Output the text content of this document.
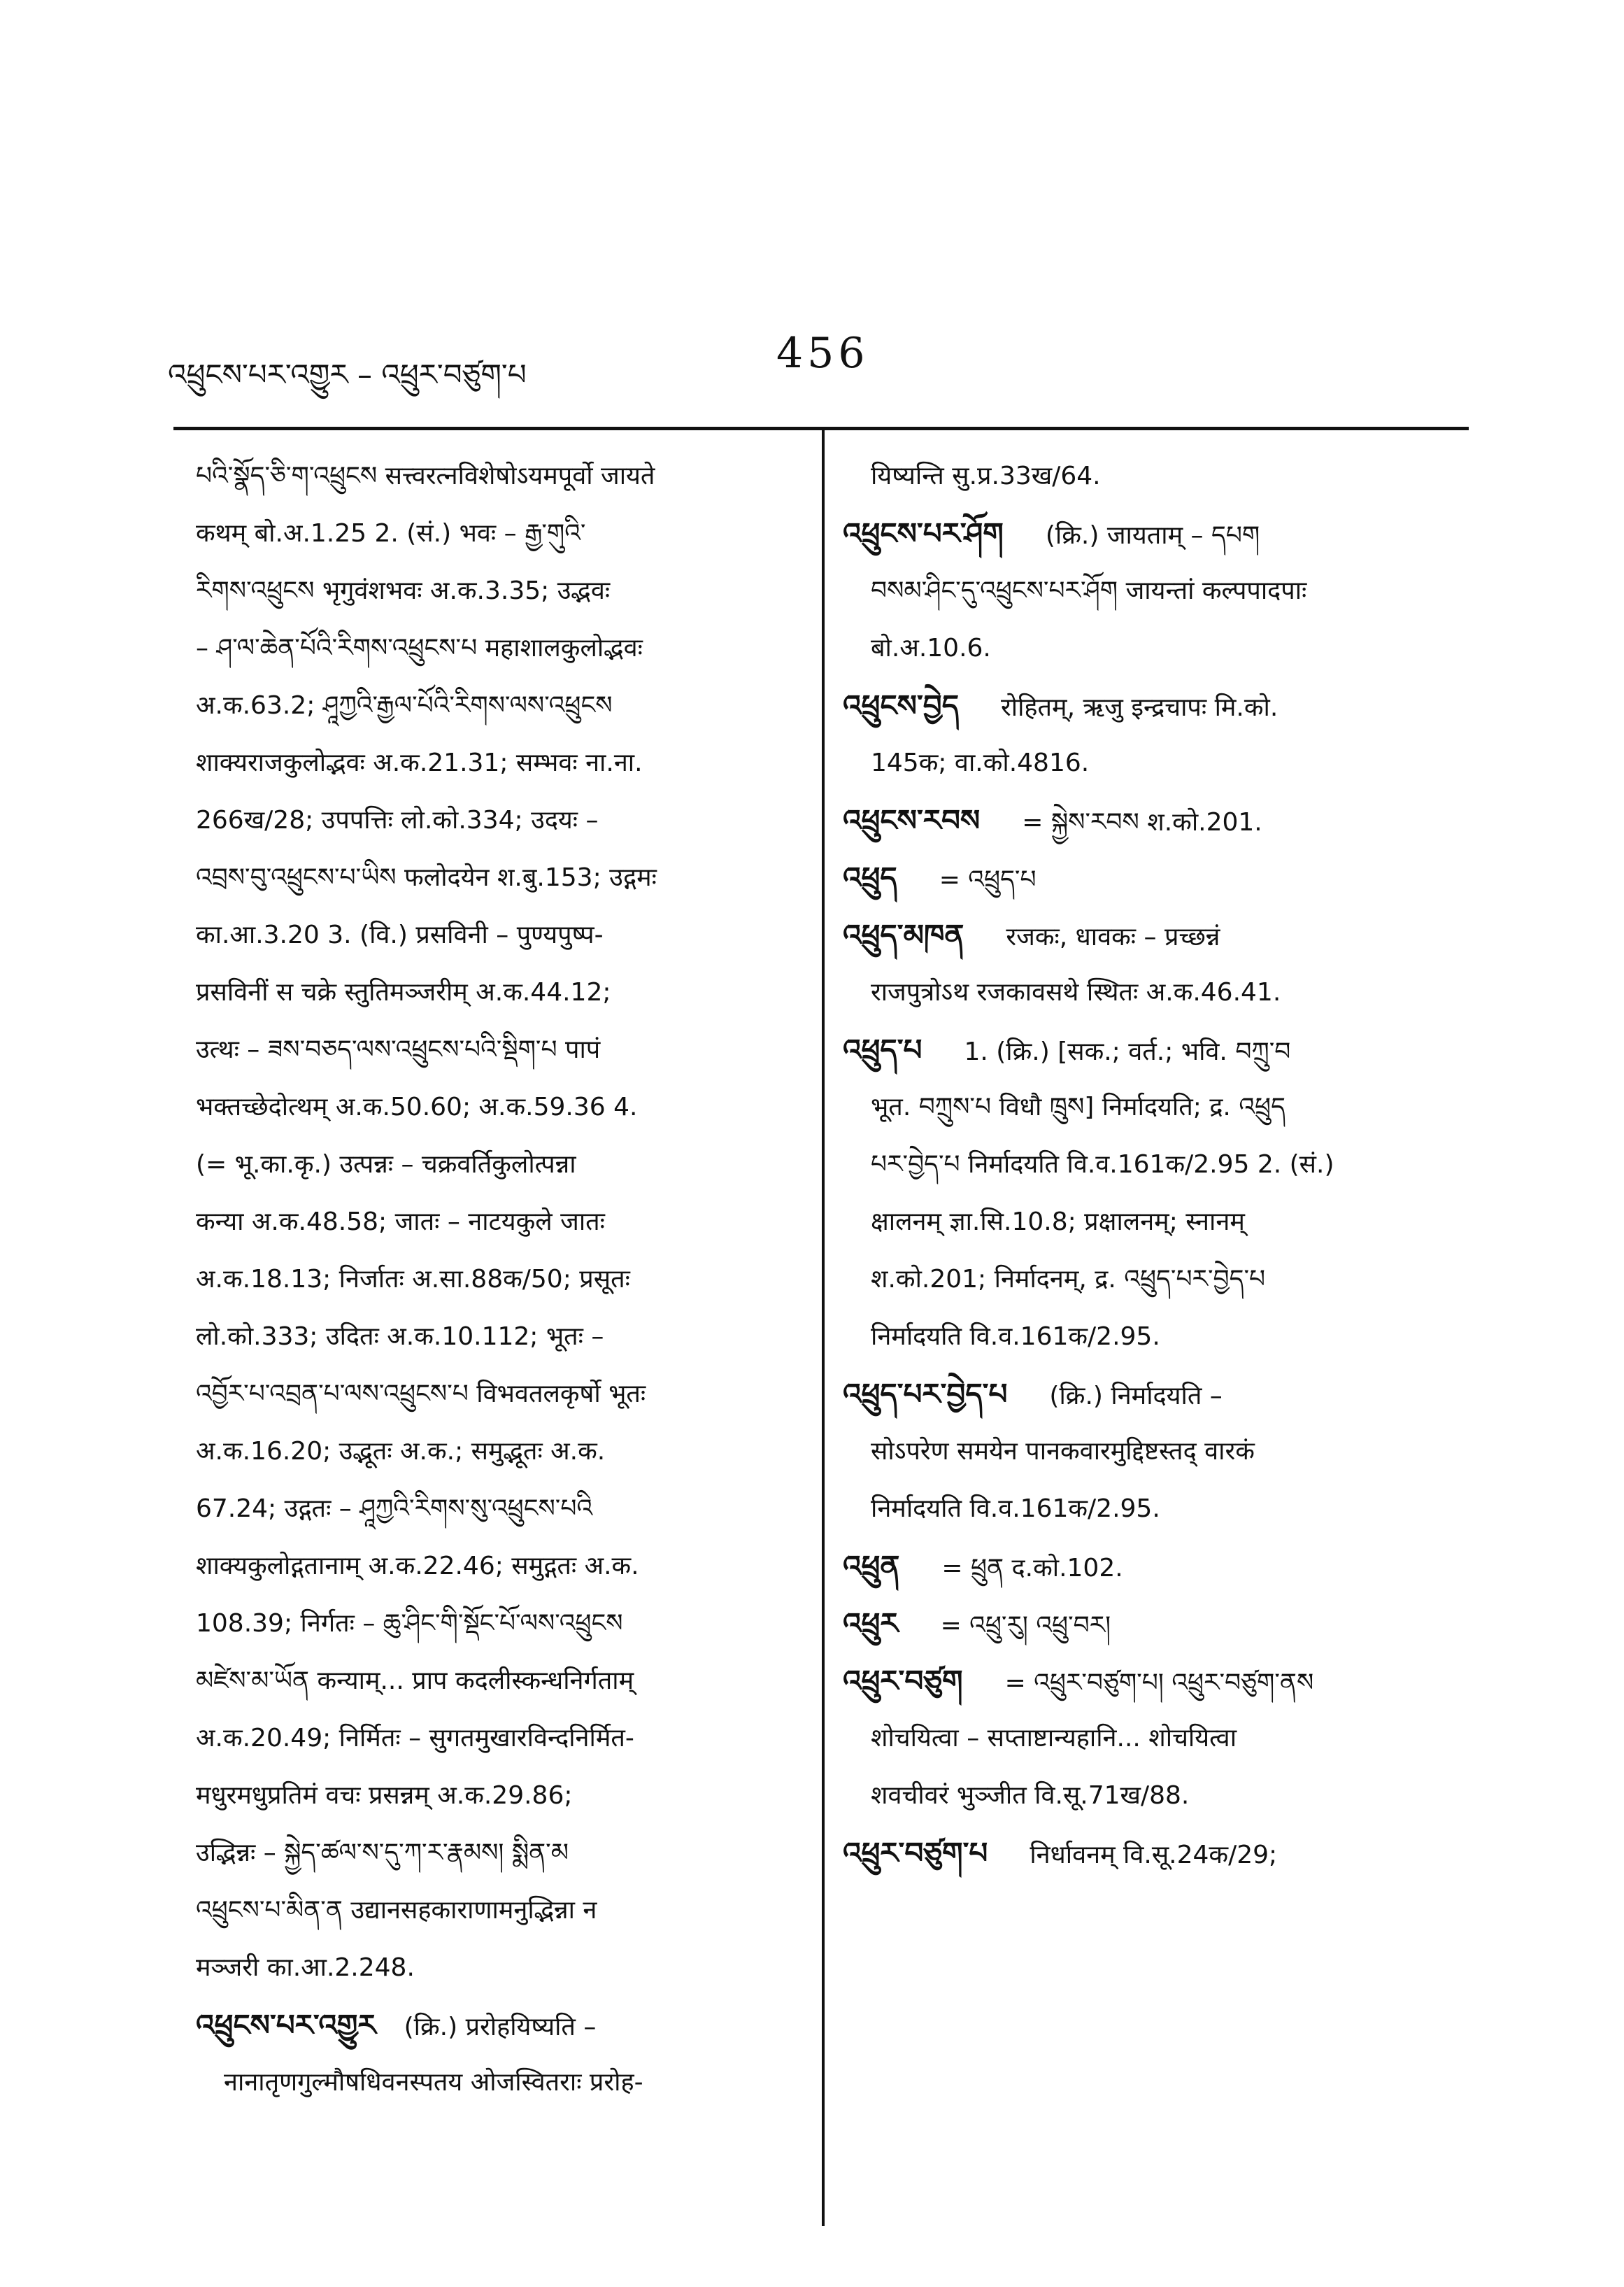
འཕྲུངས་པར་འགྱུར – འཕྲུར་བཙུག་པ	456
པའི་སྣོད་ཅི་ག་འཕྲུངས सत्त्वरत्नविशेषोऽयमपूर्वो जायते
कथम् बो.अ.1.25 2. (सं.) भवः – རྒྱ་གུའི་
རིགས་འཕྲུངས भृगुवंशभवः अ.क.3.35; उद्भवः
– ཤ་ལ་ཆེན་པོའི་རིགས་འཕྲུངས་པ महाशालकुलोद्भवः
अ.क.63.2; ཤཱཀྱའི་རྒྱལ་པོའི་རིགས་ལས་འཕྲུངས
शाक्यराजकुलोद्भवः अ.क.21.31; सम्भवः ना.ना.
266ख/28; उपपत्तिः लो.को.334; उदयः –
འབྲས་བུ་འཕྲུངས་པ་ཡིས फलोदयेन श.बु.153; उद्गमः
का.आ.3.20 3. (वि.) प्रसविनी – पुण्यपुष्प-
प्रसविनीं स चक्रे स्तुतिमञ्जरीम् अ.क.44.12;
उत्थः – ཟས་བཅད་ལས་འཕྲུངས་པའི་སྡིག་པ पापं
भक्तच्छेदोत्थम् अ.क.50.60; अ.क.59.36 4.
(= भू.का.कृ.) उत्पन्नः – चक्रवर्तिकुलोत्पन्ना
कन्या अ.क.48.58; जातः – नाटयकुले जातः
अ.क.18.13; निर्जातः अ.सा.88क/50; प्रसूतः
लो.को.333; उदितः अ.क.10.112; भूतः –
འབྱོར་པ་འབྲན་པ་ལས་འཕྲུངས་པ विभवतलकृर्षो भूतः
अ.क.16.20; उद्भूतः अ.क.; समुद्भूतः अ.क.
67.24; उद्गतः – ཤཱཀྱའི་རིགས་སུ་འཕྲུངས་པའི
शाक्यकुलोद्गतानाम् अ.क.22.46; समुद्गतः अ.क.
108.39; निर्गतः – ཆུ་ཤིང་གི་སྡོང་པོ་ལས་འཕྲུངས
མཛེས་མ་ཡོན कन्याम्... प्राप कदलीस्कन्धनिर्गताम्
अ.क.20.49; निर्मितः – सुगतमुखारविन्दनिर्मित-
मधुरमधुप्रतिमं वचः प्रसन्नम् अ.क.29.86;
उद्भिन्नः – སྐྱེད་ཚལ་ས་དུ་ཀ་ར་རྣམས། སྨིན་མ
འཕྲུངས་པ་མིན་ན उद्यानसहकाराणामनुद्भिन्ना न
मञ्जरी का.आ.2.248.
འཕྲུངས་པར་འགྱུར (क्रि.) प्ररोहयिष्यति –
नानातृणगुल्मौषधिवनस्पतय ओजस्वितराः प्ररोह-
यिष्यन्ति सु.प्र.33ख/64.
འཕྲུངས་པར་ཤོག (क्रि.) जायताम् – དཔག
བསམ་ཤིང་དུ་འཕྲུངས་པར་ཤོག जायन्तां कल्पपादपाः
बो.अ.10.6.
འཕྲུངས་བྱེད रोहितम्, ऋजु इन्द्रचापः मि.को.
145क; वा.को.4816.
འཕྲུངས་རབས = སྐྱེས་རབས श.को.201.
འཕྲུད = འཕྲུད་པ
འཕྲུད་མཁན रजकः, धावकः – प्रच्छन्नं
राजपुत्रोऽथ रजकावसथे स्थितः अ.क.46.41.
འཕྲུད་པ 1. (क्रि.) [सक.; वर्त.; भवि. བཀྲུ་བ
भूत. བཀྲུས་པ विधौ ཁྲུས] निर्मादयति; द्र. འཕྲུད
པར་བྱེད་པ निर्मादयति वि.व.161क/2.95 2. (सं.)
क्षालनम् ज्ञा.सि.10.8; प्रक्षालनम्; स्नानम्
श.को.201; निर्मादनम्, द्र. འཕྲུད་པར་བྱེད་པ
निर्मादयति वि.व.161क/2.95.
འཕྲུད་པར་བྱེད་པ (क्रि.) निर्मादयति –
सोऽपरेण समयेन पानकवारमुद्दिष्टस्तद् वारकं
निर्मादयति वि.व.161क/2.95.
འཕྲུན = ཕྲུན द.को.102.
འཕྲུར = འཕྲུ་རུ། འཕྲུ་བར།
འཕྲུར་བཙུག = འཕྲུར་བཙུག་པ། འཕྲུར་བཙུག་ནས
शोचयित्वा – सप्ताष्टान्यहानि... शोचयित्वा
शवचीवरं भुञ्जीत वि.सू.71ख/88.
འཕྲུར་བཙུག་པ निर्धावनम् वि.सू.24क/29;
